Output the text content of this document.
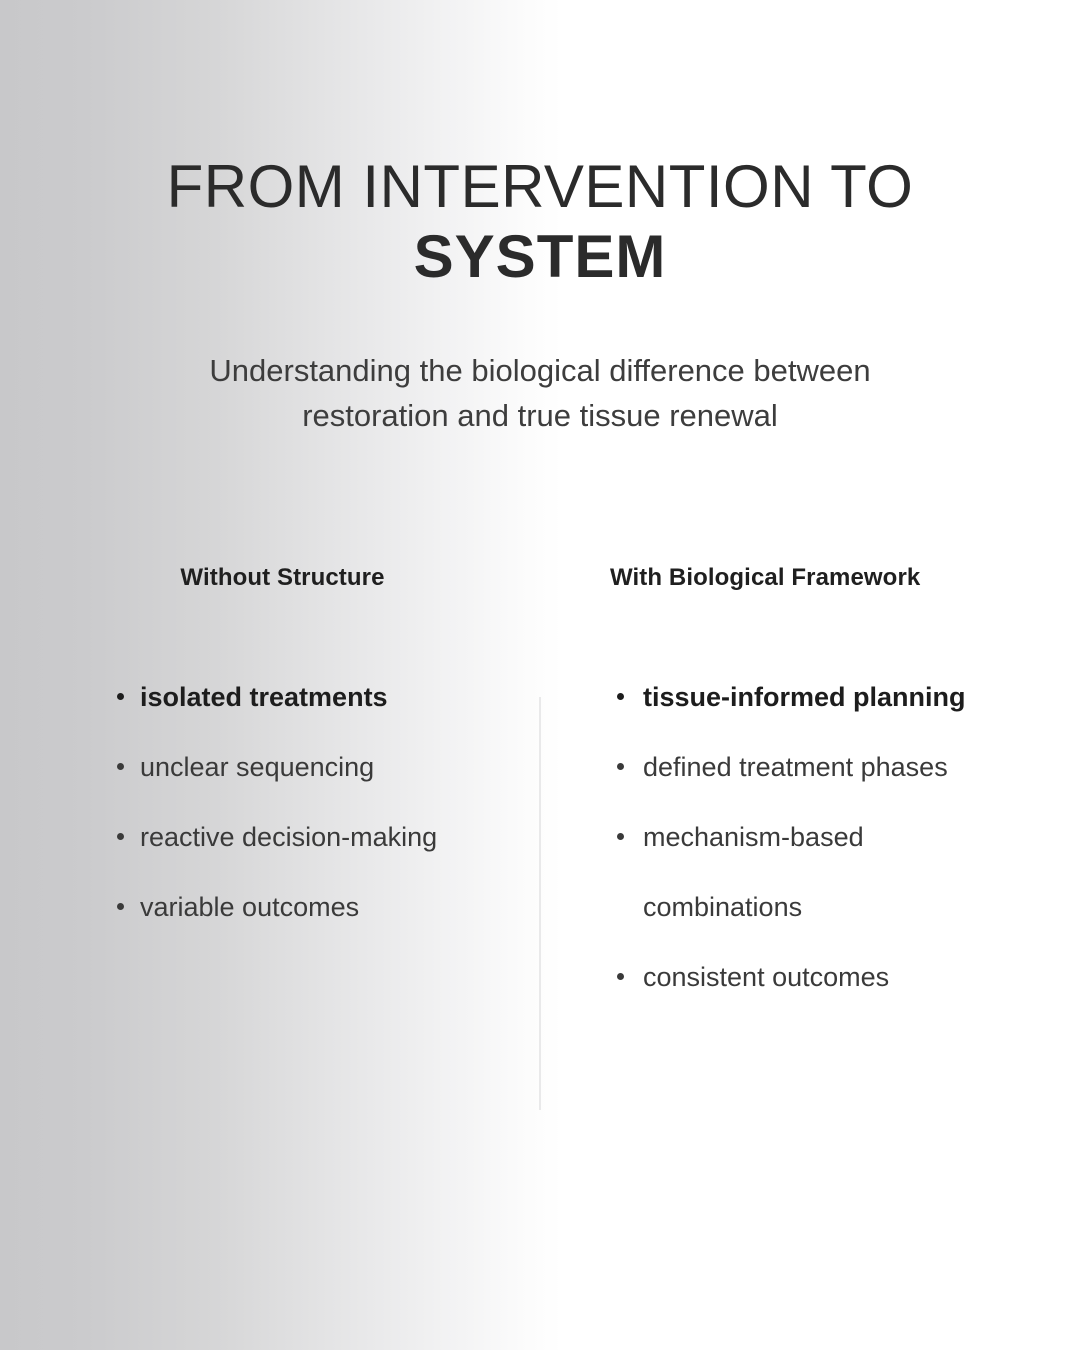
FROM INTERVENTION TO
SYSTEM
Understanding the biological difference between
restoration and true tissue renewal
Without Structure
isolated treatments
unclear sequencing
reactive decision-making
variable outcomes
With Biological Framework
tissue-informed planning
defined treatment phases
mechanism-based combinations
consistent outcomes
